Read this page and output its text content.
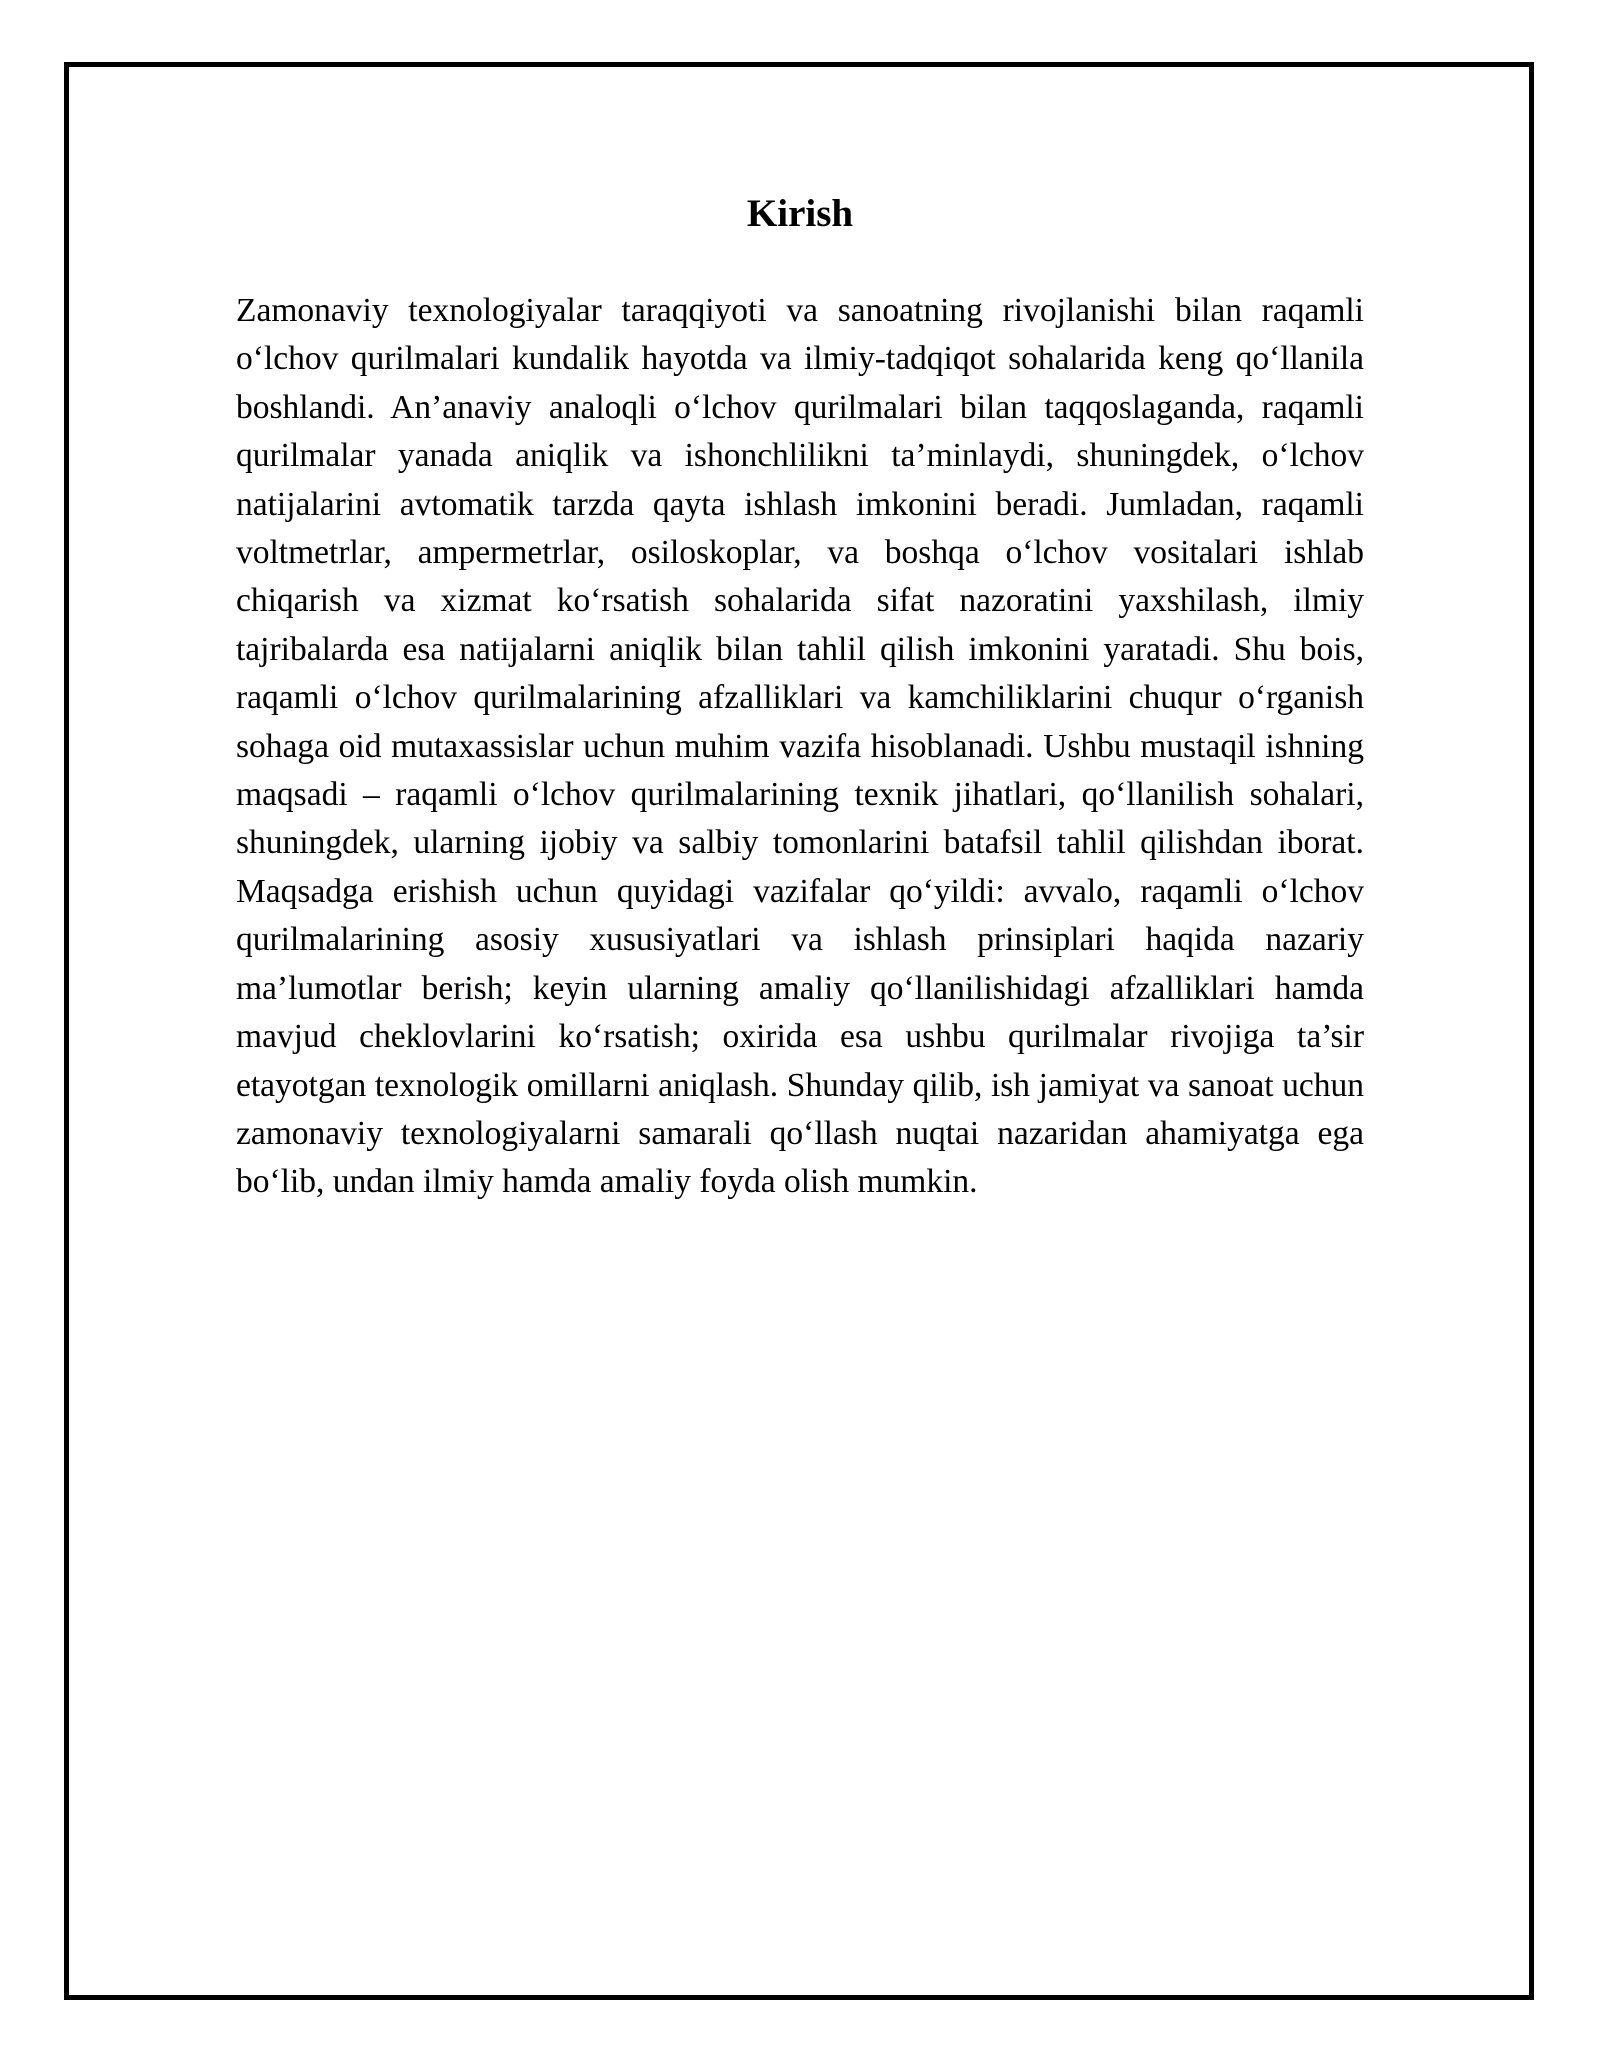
Kirish

Zamonaviy texnologiyalar taraqqiyoti va sanoatning rivojlanishi bilan raqamli o‘lchov qurilmalari kundalik hayotda va ilmiy-tadqiqot sohalarida keng qo‘llanila boshlandi. An’anaviy analoqli o‘lchov qurilmalari bilan taqqoslaganda, raqamli qurilmalar yanada aniqlik va ishonchlilikni ta’minlaydi, shuningdek, o‘lchov natijalarini avtomatik tarzda qayta ishlash imkonini beradi. Jumladan, raqamli voltmetrlar, ampermetrlar, osiloskoplar, va boshqa o‘lchov vositalari ishlab chiqarish va xizmat ko‘rsatish sohalarida sifat nazoratini yaxshilash, ilmiy tajribalarda esa natijalarni aniqlik bilan tahlil qilish imkonini yaratadi. Shu bois, raqamli o‘lchov qurilmalarining afzalliklari va kamchiliklarini chuqur o‘rganish sohaga oid mutaxassislar uchun muhim vazifa hisoblanadi. Ushbu mustaqil ishning maqsadi – raqamli o‘lchov qurilmalarining texnik jihatlari, qo‘llanilish sohalari, shuningdek, ularning ijobiy va salbiy tomonlarini batafsil tahlil qilishdan iborat. Maqsadga erishish uchun quyidagi vazifalar qo‘yildi: avvalo, raqamli o‘lchov qurilmalarining asosiy xususiyatlari va ishlash prinsiplari haqida nazariy ma’lumotlar berish; keyin ularning amaliy qo‘llanilishidagi afzalliklari hamda mavjud cheklovlarini ko‘rsatish; oxirida esa ushbu qurilmalar rivojiga ta’sir etayotgan texnologik omillarni aniqlash. Shunday qilib, ish jamiyat va sanoat uchun zamonaviy texnologiyalarni samarali qo‘llash nuqtai nazaridan ahamiyatga ega bo‘lib, undan ilmiy hamda amaliy foyda olish mumkin.
